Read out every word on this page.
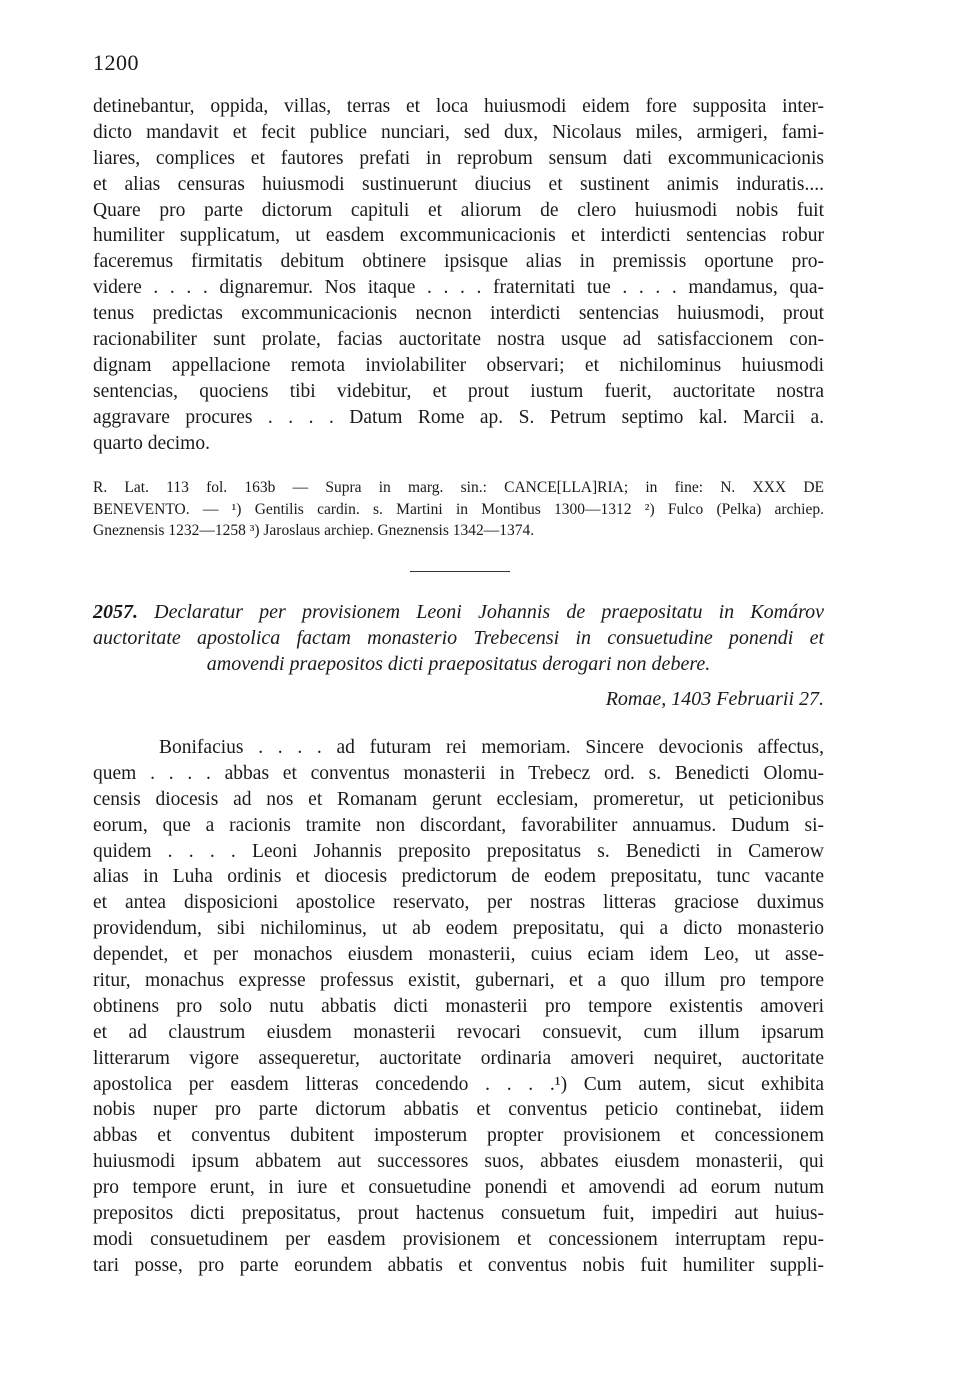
1200
detinebantur, oppida, villas, terras et loca huiusmodi eidem fore supposita inter-
dicto mandavit et fecit publice nunciari, sed dux, Nicolaus miles, armigeri, fami-
liares, complices et fautores prefati in reprobum sensum dati excommunicacionis
et alias censuras huiusmodi sustinuerunt diucius et sustinent animis induratis....
Quare pro parte dictorum capituli et aliorum de clero huiusmodi nobis fuit
humiliter supplicatum, ut easdem excommunicacionis et interdicti sentencias robur
faceremus firmitatis debitum obtinere ipsisque alias in premissis oportune pro-
videre . . . . dignaremur. Nos itaque . . . . fraternitati tue . . . . mandamus, qua-
tenus predictas excommunicacionis necnon interdicti sentencias huiusmodi, prout
racionabiliter sunt prolate, facias auctoritate nostra usque ad satisfaccionem con-
dignam appellacione remota inviolabiliter observari; et nichilominus huiusmodi
sentencias, quociens tibi videbitur, et prout iustum fuerit, auctoritate nostra
aggravare procures . . . . Datum Rome ap. S. Petrum septimo kal. Marcii a.
quarto decimo.
R. Lat. 113 fol. 163b — Supra in marg. sin.: CANCE[LLA]RIA; in fine: N. XXX DE
BENEVENTO. — ¹) Gentilis cardin. s. Martini in Montibus 1300—1312 ²) Fulco (Pelka) archiep.
Gneznensis 1232—1258 ³) Jaroslaus archiep. Gneznensis 1342—1374.
2057. Declaratur per provisionem Leoni Johannis de praepositatu in Komárov
auctoritate apostolica factam monasterio Trebecensi in consuetudine ponendi et
amovendi praepositos dicti praepositatus derogari non debere.
Romae, 1403 Februarii 27.
Bonifacius . . . . ad futuram rei memoriam. Sincere devocionis affectus,
quem . . . . abbas et conventus monasterii in Trebecz ord. s. Benedicti Olomu-
censis diocesis ad nos et Romanam gerunt ecclesiam, promeretur, ut peticionibus
eorum, que a racionis tramite non discordant, favorabiliter annuamus. Dudum si-
quidem . . . . Leoni Johannis preposito prepositatus s. Benedicti in Camerow
alias in Luha ordinis et diocesis predictorum de eodem prepositatu, tunc vacante
et antea disposicioni apostolice reservato, per nostras litteras graciose duximus
providendum, sibi nichilominus, ut ab eodem prepositatu, qui a dicto monasterio
dependet, et per monachos eiusdem monasterii, cuius eciam idem Leo, ut asse-
ritur, monachus expresse professus existit, gubernari, et a quo illum pro tempore
obtinens pro solo nutu abbatis dicti monasterii pro tempore existentis amoveri
et ad claustrum eiusdem monasterii revocari consuevit, cum illum ipsarum
litterarum vigore assequeretur, auctoritate ordinaria amoveri nequiret, auctoritate
apostolica per easdem litteras concedendo . . . .¹) Cum autem, sicut exhibita
nobis nuper pro parte dictorum abbatis et conventus peticio continebat, iidem
abbas et conventus dubitent imposterum propter provisionem et concessionem
huiusmodi ipsum abbatem aut successores suos, abbates eiusdem monasterii, qui
pro tempore erunt, in iure et consuetudine ponendi et amovendi ad eorum nutum
prepositos dicti prepositatus, prout hactenus consuetum fuit, impediri aut huius-
modi consuetudinem per easdem provisionem et concessionem interruptam repu-
tari posse, pro parte eorundem abbatis et conventus nobis fuit humiliter suppli-
